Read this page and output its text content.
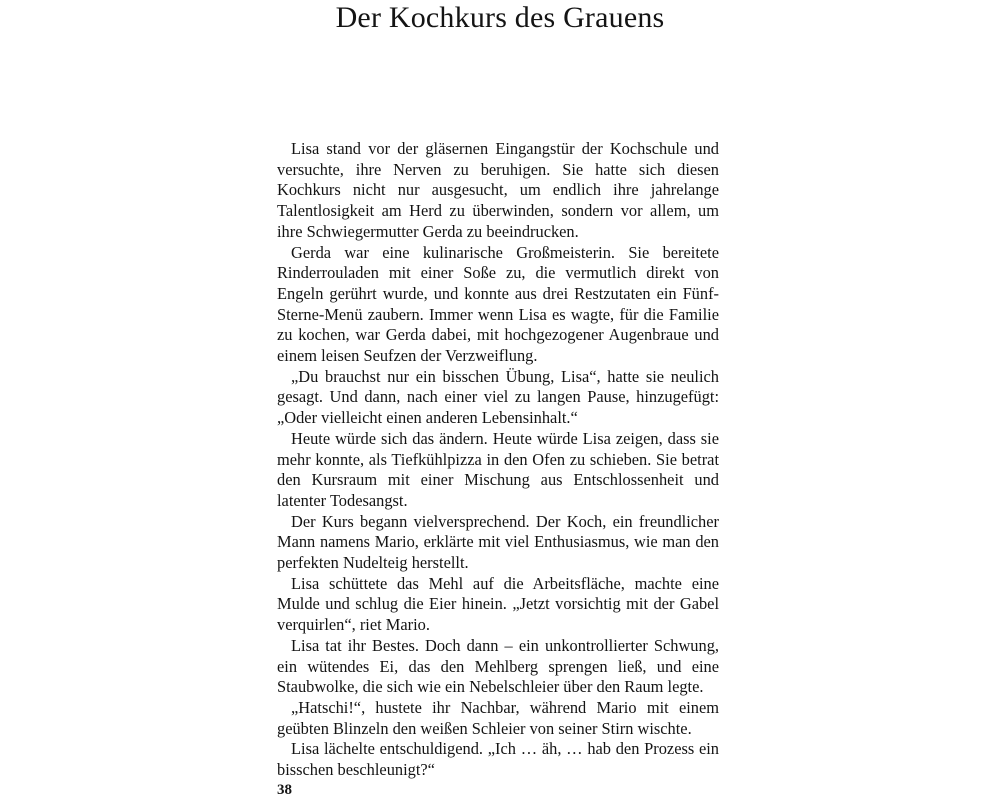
Der Kochkurs des Grauens

Lisa stand vor der gläsernen Eingangstür der Kochschule und versuchte, ihre Nerven zu beruhigen. Sie hatte sich diesen Kochkurs nicht nur ausgesucht, um endlich ihre jahrelange Talentlosigkeit am Herd zu überwinden, sondern vor allem, um ihre Schwiegermutter Gerda zu beeindrucken.

Gerda war eine kulinarische Großmeisterin. Sie bereitete Rinderrouladen mit einer Soße zu, die vermutlich direkt von Engeln gerührt wurde, und konnte aus drei Restzutaten ein Fünf-Sterne-Menü zaubern. Immer wenn Lisa es wagte, für die Familie zu kochen, war Gerda dabei, mit hochgezogener Augenbraue und einem leisen Seufzen der Verzweiflung.

„Du brauchst nur ein bisschen Übung, Lisa“, hatte sie neulich gesagt. Und dann, nach einer viel zu langen Pause, hinzugefügt: „Oder vielleicht einen anderen Lebensinhalt.“

Heute würde sich das ändern. Heute würde Lisa zeigen, dass sie mehr konnte, als Tiefkühlpizza in den Ofen zu schieben. Sie betrat den Kursraum mit einer Mischung aus Entschlossenheit und latenter Todesangst.

Der Kurs begann vielversprechend. Der Koch, ein freundlicher Mann namens Mario, erklärte mit viel Enthusiasmus, wie man den perfekten Nudelteig herstellt.

Lisa schüttete das Mehl auf die Arbeitsfläche, machte eine Mulde und schlug die Eier hinein. „Jetzt vorsichtig mit der Gabel verquirlen“, riet Mario.

Lisa tat ihr Bestes. Doch dann – ein unkontrollierter Schwung, ein wütendes Ei, das den Mehlberg sprengen ließ, und eine Staubwolke, die sich wie ein Nebelschleier über den Raum legte.

„Hatschi!“, hustete ihr Nachbar, während Mario mit einem geübten Blinzeln den weißen Schleier von seiner Stirn wischte.

Lisa lächelte entschuldigend. „Ich … äh, … hab den Prozess ein bisschen beschleunigt?“

38
